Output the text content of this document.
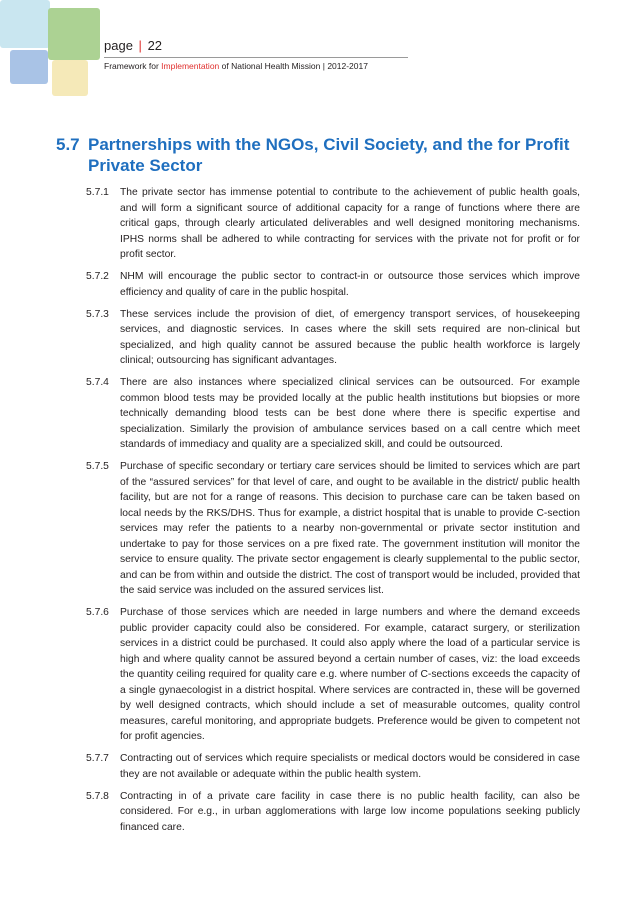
page | 22
Framework for Implementation of National Health Mission | 2012-2017
5.7 Partnerships with the NGOs, Civil Society, and the for Profit Private Sector
5.7.1	The private sector has immense potential to contribute to the achievement of public health goals, and will form a significant source of additional capacity for a range of functions where there are critical gaps, through clearly articulated deliverables and well designed monitoring mechanisms. IPHS norms shall be adhered to while contracting for services with the private not for profit or for profit sector.
5.7.2	NHM will encourage the public sector to contract-in or outsource those services which improve efficiency and quality of care in the public hospital.
5.7.3	These services include the provision of diet, of emergency transport services, of housekeeping services, and diagnostic services. In cases where the skill sets required are non-clinical but specialized, and high quality cannot be assured because the public health workforce is largely clinical; outsourcing has significant advantages.
5.7.4	There are also instances where specialized clinical services can be outsourced. For example common blood tests may be provided locally at the public health institutions but biopsies or more technically demanding blood tests can be best done where there is specific expertise and specialization. Similarly the provision of ambulance services based on a call centre which meet standards of immediacy and quality are a specialized skill, and could be outsourced.
5.7.5	Purchase of specific secondary or tertiary care services should be limited to services which are part of the “assured services” for that level of care, and ought to be available in the district/ public health facility, but are not for a range of reasons. This decision to purchase care can be taken based on local needs by the RKS/DHS. Thus for example, a district hospital that is unable to provide C-section services may refer the patients to a nearby non-governmental or private sector institution and undertake to pay for those services on a pre fixed rate. The government institution will monitor the service to ensure quality. The private sector engagement is clearly supplemental to the public sector, and can be from within and outside the district. The cost of transport would be included, provided that the said service was included on the assured services list.
5.7.6	Purchase of those services which are needed in large numbers and where the demand exceeds public provider capacity could also be considered. For example, cataract surgery, or sterilization services in a district could be purchased. It could also apply where the load of a particular service is high and where quality cannot be assured beyond a certain number of cases, viz: the load exceeds the quantity ceiling required for quality care e.g. where number of C-sections exceeds the capacity of a single gynaecologist in a district hospital. Where services are contracted in, these will be governed by well designed contracts, which should include a set of measurable outcomes, quality control measures, careful monitoring, and appropriate budgets. Preference would be given to competent not for profit agencies.
5.7.7	Contracting out of services which require specialists or medical doctors would be considered in case they are not available or adequate within the public health system.
5.7.8	Contracting in of a private care facility in case there is no public health facility, can also be considered. For e.g., in urban agglomerations with large low income populations seeking publicly financed care.
